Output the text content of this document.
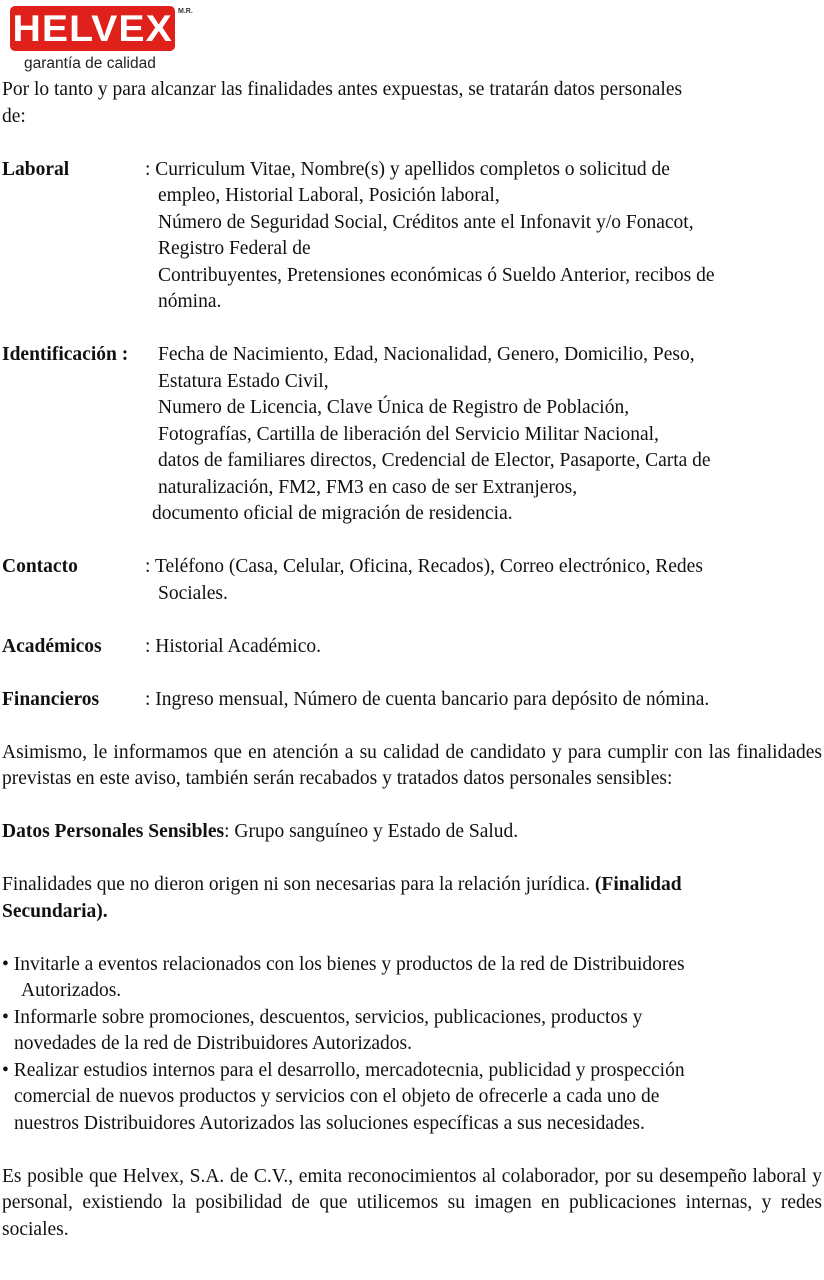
HELVEX M.R.
garantía de calidad
Por lo tanto y para alcanzar las finalidades antes expuestas, se tratarán datos personales
de:
Laboral	: Curriculum Vitae, Nombre(s) y apellidos completos o solicitud de
empleo, Historial Laboral, Posición laboral,
Número de Seguridad Social, Créditos ante el Infonavit y/o Fonacot,
Registro Federal de
Contribuyentes, Pretensiones económicas ó Sueldo Anterior, recibos de
nómina.
Identificación :	Fecha de Nacimiento, Edad, Nacionalidad, Genero, Domicilio, Peso,
Estatura Estado Civil,
Numero de Licencia, Clave Única de Registro de Población,
Fotografías, Cartilla de liberación del Servicio Militar Nacional,
datos de familiares directos, Credencial de Elector, Pasaporte, Carta de
naturalización, FM2, FM3 en caso de ser Extranjeros,
documento oficial de migración de residencia.
Contacto	: Teléfono (Casa, Celular, Oficina, Recados), Correo electrónico, Redes
Sociales.
Académicos	: Historial Académico.
Financieros	: Ingreso mensual, Número de cuenta bancario para depósito de nómina.
Asimismo, le informamos que en atención a su calidad de candidato y para cumplir con las finalidades previstas en este aviso, también serán recabados y tratados datos personales sensibles:
Datos Personales Sensibles: Grupo sanguíneo y Estado de Salud.
Finalidades que no dieron origen ni son necesarias para la relación jurídica. (Finalidad
Secundaria).
• Invitarle a eventos relacionados con los bienes y productos de la red de Distribuidores
Autorizados.
• Informarle sobre promociones, descuentos, servicios, publicaciones, productos y
novedades de la red de Distribuidores Autorizados.
• Realizar estudios internos para el desarrollo, mercadotecnia, publicidad y prospección
comercial de nuevos productos y servicios con el objeto de ofrecerle a cada uno de
nuestros Distribuidores Autorizados las soluciones específicas a sus necesidades.
Es posible que Helvex, S.A. de C.V., emita reconocimientos al colaborador, por su desempeño laboral y personal, existiendo la posibilidad de que utilicemos su imagen en publicaciones internas, y redes sociales.
